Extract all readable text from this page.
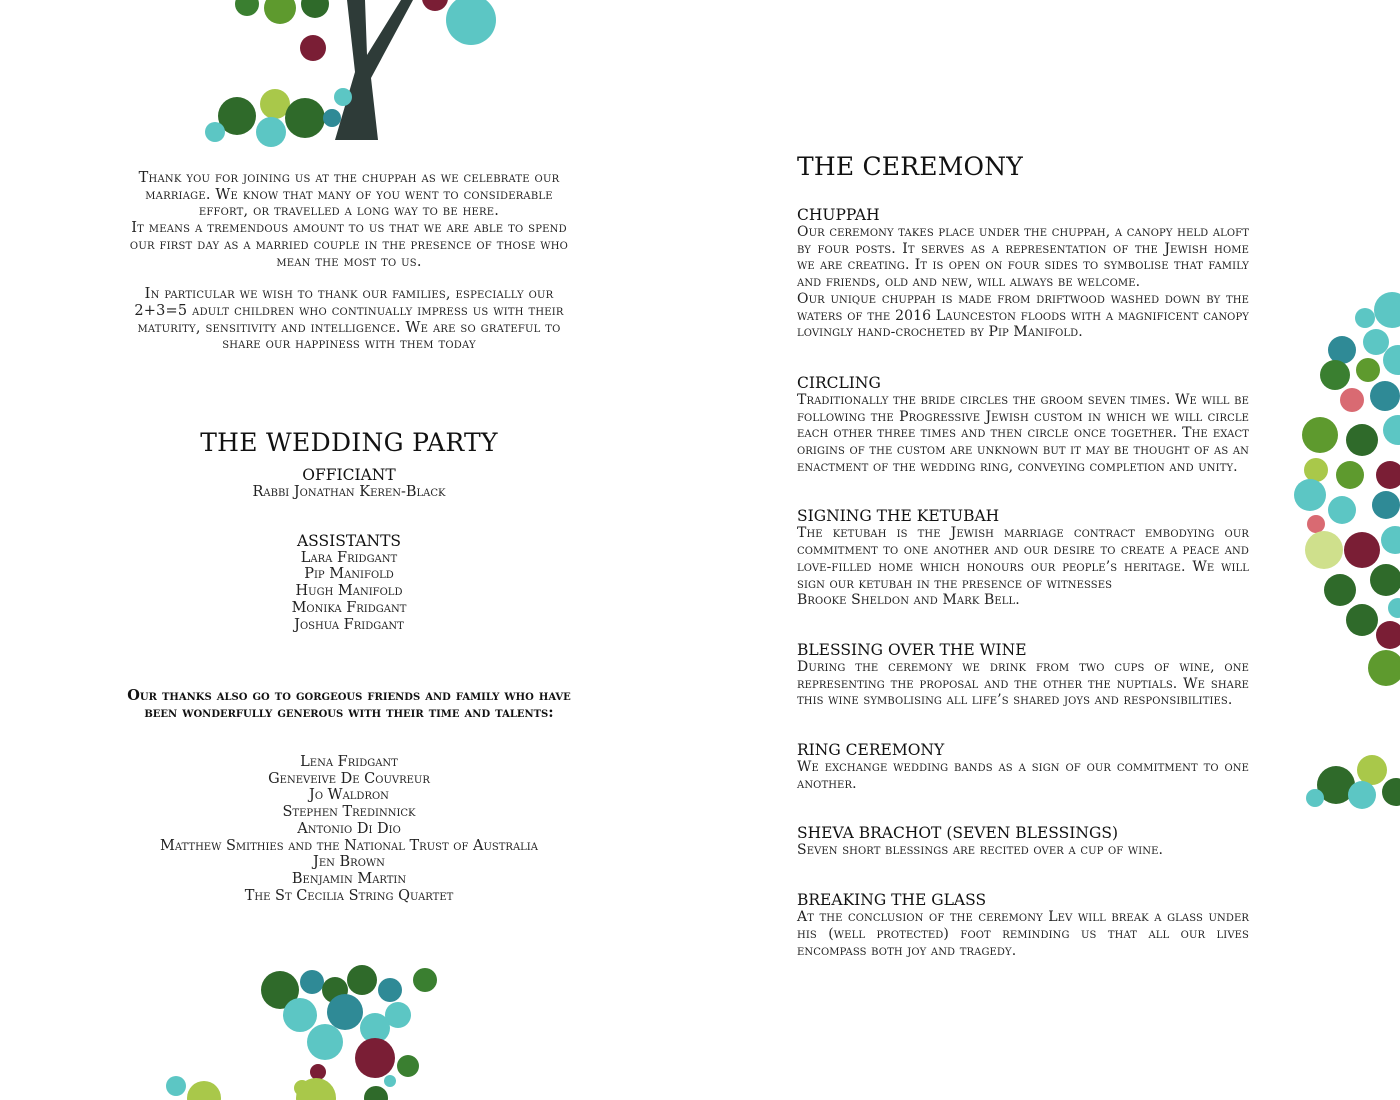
Thank you for joining us at the chuppah as we celebrate our marriage. We know that many of you went to considerable effort, or travelled a long way to be here.

It means a tremendous amount to us that we are able to spend our first day as a married couple in the presence of those who mean the most to us.

In particular we wish to thank our families, especially our 2+3=5 adult children who continually impress us with their maturity, sensitivity and intelligence. We are so grateful to share our happiness with them today

THE WEDDING PARTY
OFFICIANT
Rabbi Jonathan Keren-Black
ASSISTANTS
Lara Fridgant
Pip Manifold
Hugh Manifold
Monika Fridgant
Joshua Fridgant

Our thanks also go to gorgeous friends and family who have been wonderfully generous with their time and talents:

Lena Fridgant
Geneveive De Couvreur
Jo Waldron
Stephen Tredinnick
Antonio Di Dio
Matthew Smithies and the National Trust of Australia
Jen Brown
Benjamin Martin
The St Cecilia String Quartet
THE CEREMONY
CHUPPAH

Our ceremony takes place under the chuppah, a canopy held aloft by four posts. It serves as a representation of the Jewish home we are creating. It is open on four sides to symbolise that family and friends, old and new, will always be welcome.

Our unique chuppah is made from driftwood washed down by the waters of the 2016 Launceston floods with a magnificent canopy lovingly hand-crocheted by Pip Manifold.

CIRCLING

Traditionally the bride circles the groom seven times. We will be following the Progressive Jewish custom in which we will circle each other three times and then circle once together. The exact origins of the custom are unknown but it may be thought of as an enactment of the wedding ring, conveying completion and unity.

SIGNING THE KETUBAH

The ketubah is the Jewish marriage contract embodying our commitment to one another and our desire to create a peace and love-filled home which honours our people’s heritage. We will sign our ketubah in the presence of witnesses

Brooke Sheldon and Mark Bell.

BLESSING OVER THE WINE

During the ceremony we drink from two cups of wine, one representing the proposal and the other the nuptials. We share this wine symbolising all life’s shared joys and responsibilities.

RING CEREMONY

We exchange wedding bands as a sign of our commitment to one another.

SHEVA BRACHOT (SEVEN BLESSINGS)

Seven short blessings are recited over a cup of wine.

BREAKING THE GLASS

At the conclusion of the ceremony Lev will break a glass under his (well protected) foot reminding us that all our lives encompass both joy and tragedy.
